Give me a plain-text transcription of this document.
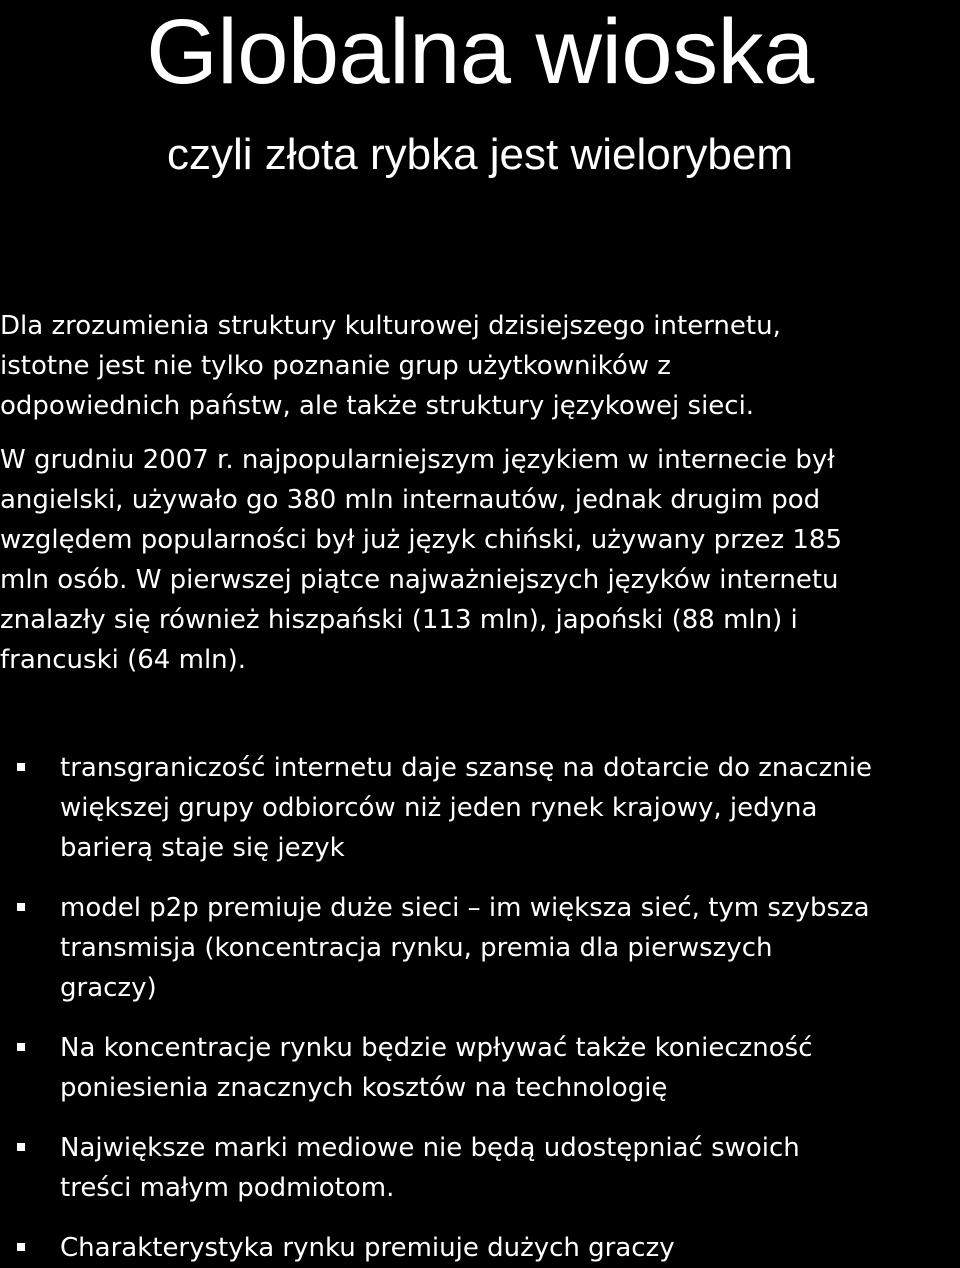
Globalna wioska
czyli złota rybka jest wielorybem

Dla zrozumienia struktury kulturowej dzisiejszego internetu,

istotne jest nie tylko poznanie grup użytkowników z

odpowiednich państw, ale także struktury językowej sieci.

W grudniu 2007 r. najpopularniejszym językiem w internecie był

angielski, używało go 380 mln internautów, jednak drugim pod

względem popularności był już język chiński, używany przez 185

mln osób. W pierwszej piątce najważniejszych języków internetu

znalazły się również hiszpański (113 mln), japoński (88 mln) i

francuski (64 mln).

transgraniczość internetu daje szansę na dotarcie do znacznie
większej grupy odbiorców niż jeden rynek krajowy, jedyna
barierą staje się jezyk
model p2p premiuje duże sieci – im większa sieć, tym szybsza
transmisja (koncentracja rynku, premia dla pierwszych
graczy)
Na koncentracje rynku będzie wpływać także konieczność
poniesienia znacznych kosztów na technologię
Największe marki mediowe nie będą udostępniać swoich
treści małym podmiotom.
Charakterystyka rynku premiuje dużych graczy
